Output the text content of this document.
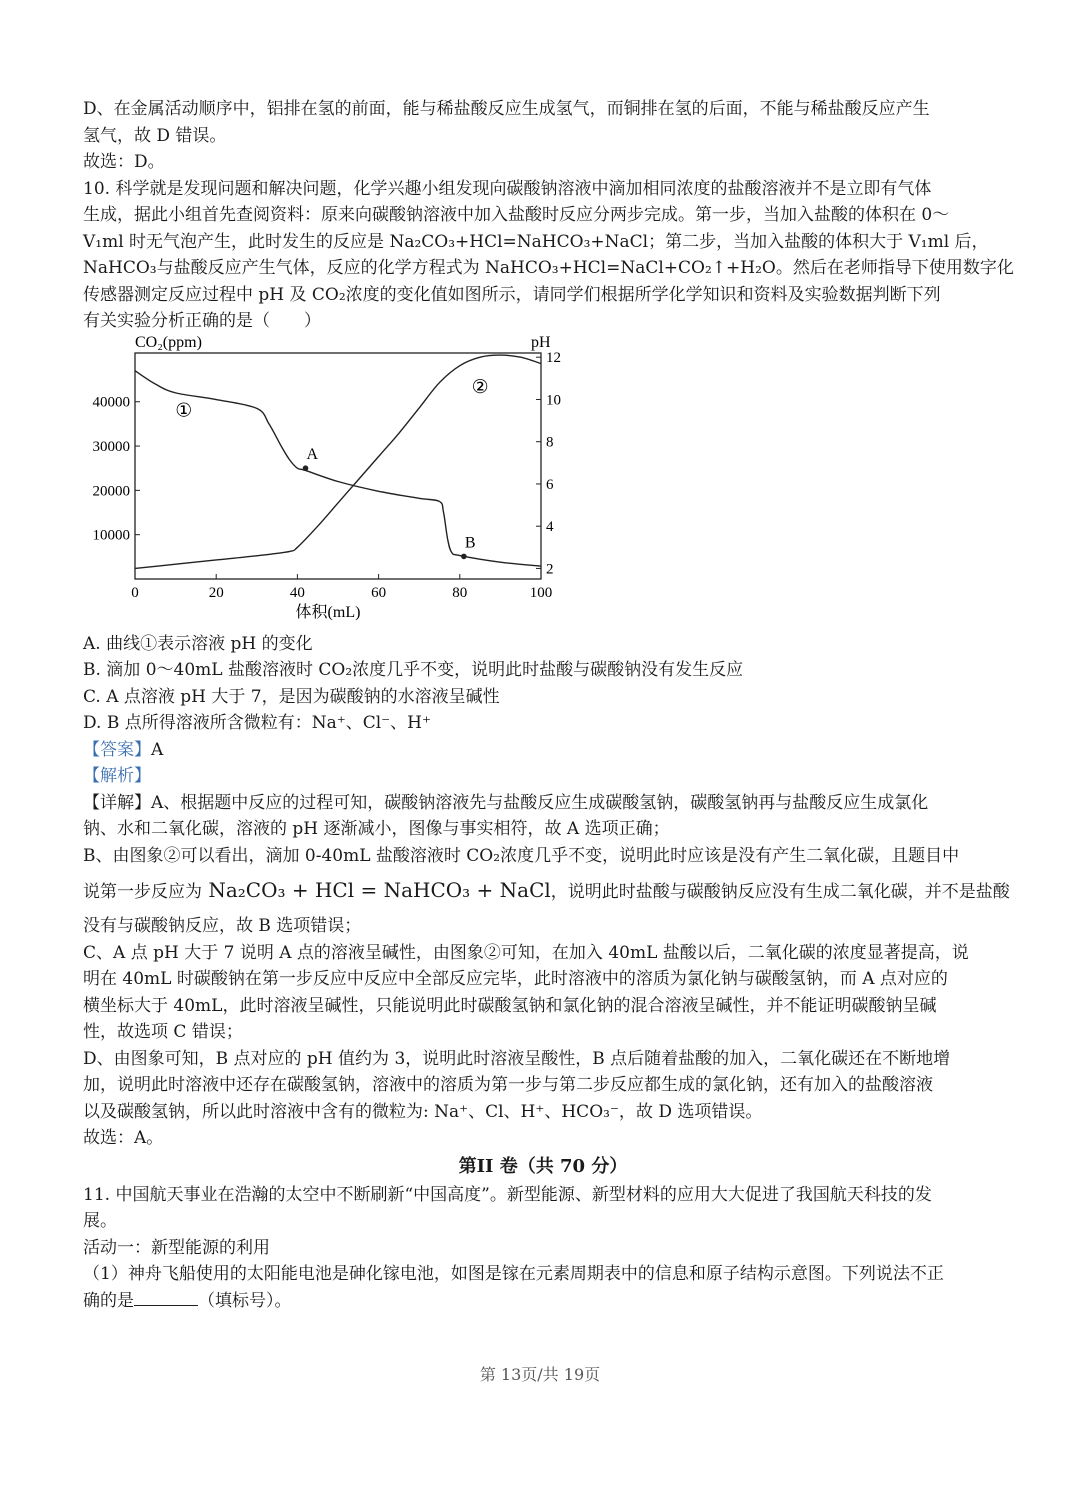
D、在金属活动顺序中，铝排在氢的前面，能与稀盐酸反应生成氢气，而铜排在氢的后面，不能与稀盐酸反应产生
氢气，故 D 错误。
故选：D。
10. 科学就是发现问题和解决问题，化学兴趣小组发现向碳酸钠溶液中滴加相同浓度的盐酸溶液并不是立即有气体
生成，据此小组首先查阅资料：原来向碳酸钠溶液中加入盐酸时反应分两步完成。第一步，当加入盐酸的体积在 0～
V₁ml 时无气泡产生，此时发生的反应是 Na₂CO₃+HCl=NaHCO₃+NaCl；第二步，当加入盐酸的体积大于 V₁ml 后，
NaHCO₃与盐酸反应产生气体，反应的化学方程式为 NaHCO₃+HCl=NaCl+CO₂↑+H₂O。然后在老师指导下使用数字化
传感器测定反应过程中 pH 及 CO₂浓度的变化值如图所示，请同学们根据所学化学知识和资料及实验数据判断下列
有关实验分析正确的是（　　）
0	20	40	60	80	100
10000
20000
30000
40000
2
4
6
8
10
12
CO₂(ppm)	pH
体积(mL)
①
②
A
B
A. 曲线①表示溶液 pH 的变化
B. 滴加 0～40mL 盐酸溶液时 CO₂浓度几乎不变，说明此时盐酸与碳酸钠没有发生反应
C. A 点溶液 pH 大于 7，是因为碳酸钠的水溶液呈碱性
D. B 点所得溶液所含微粒有：Na⁺、Cl⁻、H⁺
【答案】A
【解析】
【详解】A、根据题中反应的过程可知，碳酸钠溶液先与盐酸反应生成碳酸氢钠，碳酸氢钠再与盐酸反应生成氯化
钠、水和二氧化碳，溶液的 pH 逐渐减小，图像与事实相符，故 A 选项正确；
B、由图象②可以看出，滴加 0-40mL 盐酸溶液时 CO₂浓度几乎不变，说明此时应该是没有产生二氧化碳，且题目中
说第一步反应为 Na₂CO₃ + HCl = NaHCO₃ + NaCl，说明此时盐酸与碳酸钠反应没有生成二氧化碳，并不是盐酸
没有与碳酸钠反应，故 B 选项错误；
C、A 点 pH 大于 7 说明 A 点的溶液呈碱性，由图象②可知，在加入 40mL 盐酸以后，二氧化碳的浓度显著提高，说
明在 40mL 时碳酸钠在第一步反应中反应中全部反应完毕，此时溶液中的溶质为氯化钠与碳酸氢钠，而 A 点对应的
横坐标大于 40mL，此时溶液呈碱性，只能说明此时碳酸氢钠和氯化钠的混合溶液呈碱性，并不能证明碳酸钠呈碱
性，故选项 C 错误；
D、由图象可知，B 点对应的 pH 值约为 3，说明此时溶液呈酸性，B 点后随着盐酸的加入，二氧化碳还在不断地增
加，说明此时溶液中还存在碳酸氢钠，溶液中的溶质为第一步与第二步反应都生成的氯化钠，还有加入的盐酸溶液
以及碳酸氢钠，所以此时溶液中含有的微粒为: Na⁺、Cl、H⁺、HCO₃⁻，故 D 选项错误。
故选：A。
第II 卷（共 70 分）
11. 中国航天事业在浩瀚的太空中不断刷新“中国高度”。新型能源、新型材料的应用大大促进了我国航天科技的发
展。
活动一：新型能源的利用
（1）神舟飞船使用的太阳能电池是砷化镓电池，如图是镓在元素周期表中的信息和原子结构示意图。下列说法不正
确的是	（填标号）。
第 13页/共 19页
